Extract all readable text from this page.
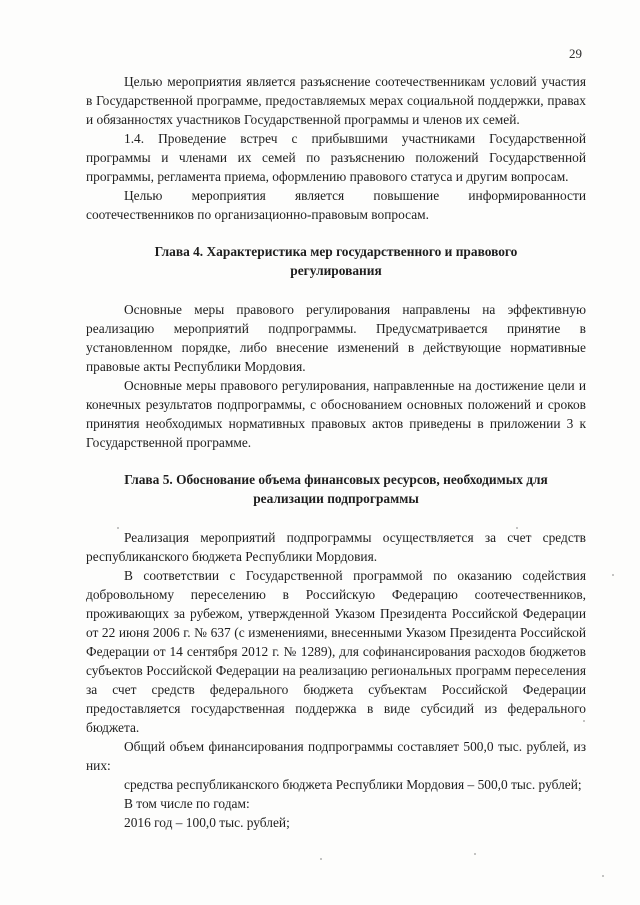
29

Целью мероприятия является разъяснение соотечественникам условий участия в Государственной программе, предоставляемых мерах социальной поддержки, правах и обязанностях участников Государственной программы и членов их семей.

1.4. Проведение встреч с прибывшими участниками Государственной программы и членами их семей по разъяснению положений Государственной программы, регламента приема, оформлению правового статуса и другим вопросам.

Целью мероприятия является повышение информированности соотечественников по организационно-правовым вопросам.

Глава 4. Характеристика мер государственного и правового регулирования

Основные меры правового регулирования направлены на эффективную реализацию мероприятий подпрограммы. Предусматривается принятие в установленном порядке, либо внесение изменений в действующие нормативные правовые акты Республики Мордовия.

Основные меры правового регулирования, направленные на достижение цели и конечных результатов подпрограммы, с обоснованием основных положений и сроков принятия необходимых нормативных правовых актов приведены в приложении 3 к Государственной программе.

Глава 5. Обоснование объема финансовых ресурсов, необходимых для реализации подпрограммы

Реализация мероприятий подпрограммы осуществляется за счет средств республиканского бюджета Республики Мордовия.

В соответствии с Государственной программой по оказанию содействия добровольному переселению в Российскую Федерацию соотечественников, проживающих за рубежом, утвержденной Указом Президента Российской Федерации от 22 июня 2006 г. № 637 (с изменениями, внесенными Указом Президента Российской Федерации от 14 сентября 2012 г. № 1289), для софинансирования расходов бюджетов субъектов Российской Федерации на реализацию региональных программ переселения за счет средств федерального бюджета субъектам Российской Федерации предоставляется государственная поддержка в виде субсидий из федерального бюджета.

Общий объем финансирования подпрограммы составляет 500,0 тыс. рублей, из них:

средства республиканского бюджета Республики Мордовия – 500,0 тыс. рублей;

В том числе по годам:

2016 год – 100,0 тыс. рублей;
